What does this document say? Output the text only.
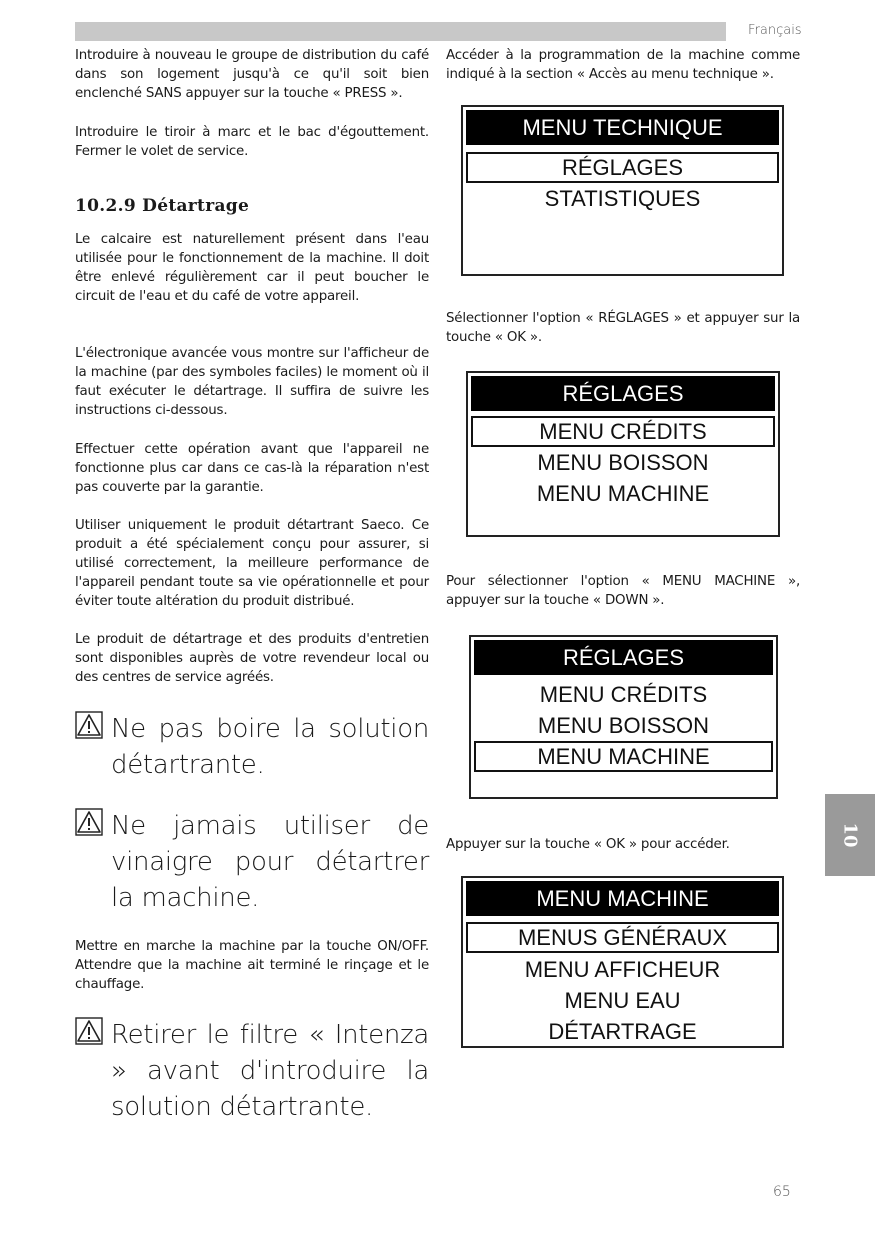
Français

Introduire à nouveau le groupe de distribution du café dans son logement jusqu'à ce qu'il soit bien enclenché SANS appuyer sur la touche « PRESS ».

Introduire le tiroir à marc et le bac d'égouttement. Fermer le volet de service.

10.2.9 Détartrage

Le calcaire est naturellement présent dans l'eau utilisée pour le fonctionnement de la machine. Il doit être enlevé régulièrement car il peut boucher le circuit de l'eau et du café de votre appareil.

L'électronique avancée vous montre sur l'afficheur de la machine (par des symboles faciles) le moment où il faut exécuter le détartrage. Il suffira de suivre les instructions ci-dessous.

Effectuer cette opération avant que l'appareil ne fonctionne plus car dans ce cas-là la réparation n'est pas couverte par la garantie.

Utiliser uniquement le produit détartrant Saeco. Ce produit a été spécialement conçu pour assurer, si utilisé correctement, la meilleure performance de l'appareil pendant toute sa vie opérationnelle et pour éviter toute altération du produit distribué.

Le produit de détartrage et des produits d'entretien sont disponibles auprès de votre revendeur local ou des centres de service agréés.

Ne pas boire la solution détartrante.
Ne jamais utiliser de vinaigre pour détartrer la machine.

Mettre en marche la machine par la touche ON/OFF. Attendre que la machine ait terminé le rinçage et le chauffage.

Retirer le filtre « Intenza » avant d'introduire la solution détartrante.

Accéder à la programmation de la machine comme indiqué à la section « Accès au menu technique ».

MENU TECHNIQUE
RÉGLAGES
STATISTIQUES

Sélectionner l'option « RÉGLAGES » et appuyer sur la touche « OK ».

RÉGLAGES
MENU CRÉDITS
MENU BOISSON
MENU MACHINE

Pour sélectionner l'option « MENU MACHINE », appuyer sur la touche « DOWN ».

RÉGLAGES
MENU CRÉDITS
MENU BOISSON
MENU MACHINE

Appuyer sur la touche « OK » pour accéder.

MENU MACHINE
MENUS GÉNÉRAUX
MENU AFFICHEUR
MENU EAU
DÉTARTRAGE
10
65
